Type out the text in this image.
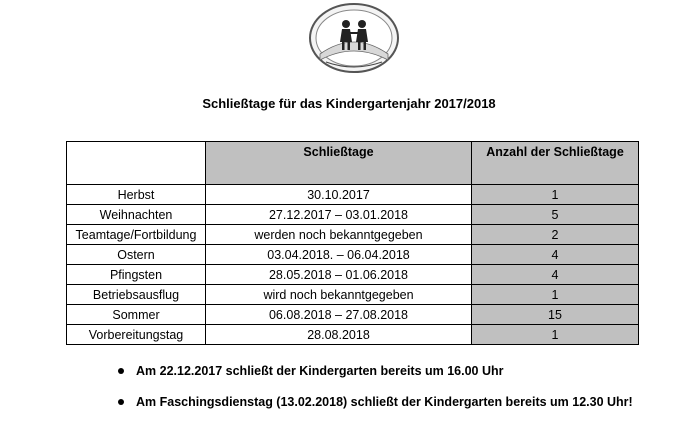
Schließtage für das Kindergartenjahr 2017/2018
	Schließtage	Anzahl der Schließtage
Herbst	30.10.2017	1
Weihnachten	27.12.2017 – 03.01.2018	5
Teamtage/Fortbildung	werden noch bekanntgegeben	2
Ostern	03.04.2018. – 06.04.2018	4
Pfingsten	28.05.2018 – 01.06.2018	4
Betriebsausflug	wird noch bekanntgegeben	1
Sommer	06.08.2018 – 27.08.2018	15
Vorbereitungstag	28.08.2018	1
Am 22.12.2017 schließt der Kindergarten bereits um 16.00 Uhr
Am Faschingsdienstag (13.02.2018) schließt der Kindergarten bereits um 12.30 Uhr!
